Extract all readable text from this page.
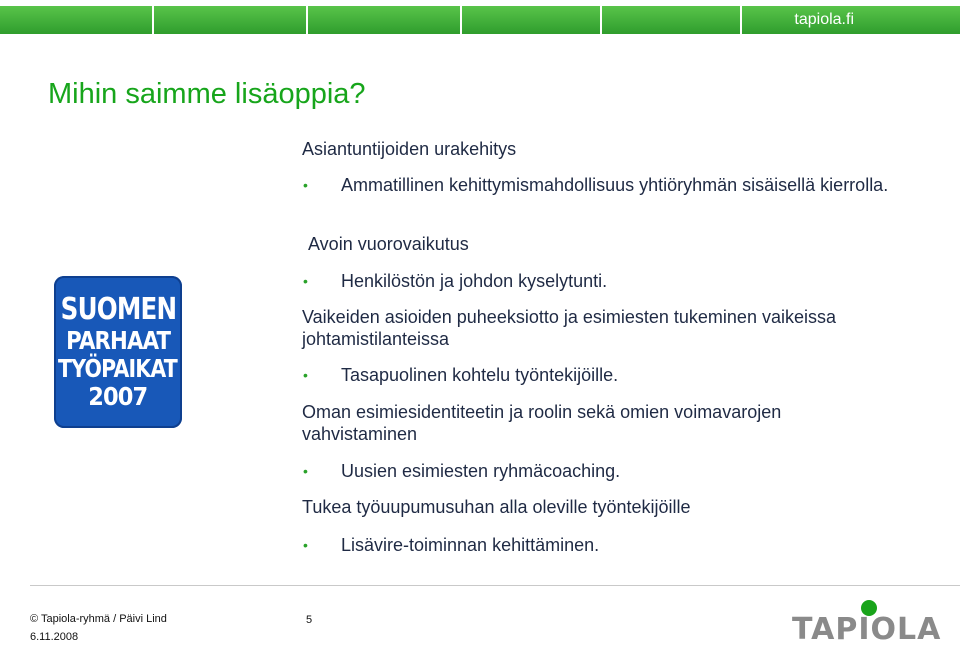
tapiola.fi
Mihin saimme lisäoppia?
SUOMEN
PARHAAT
TYÖPAIKAT
2007
Asiantuntijoiden urakehitys
• Ammatillinen kehittymismahdollisuus yhtiöryhmän sisäisellä kierrolla.
Avoin vuorovaikutus
• Henkilöstön ja johdon kyselytunti.
Vaikeiden asioiden puheeksiotto ja esimiesten tukeminen vaikeissa johtamistilanteissa
• Tasapuolinen kohtelu työntekijöille.
Oman esimiesidentiteetin ja roolin sekä omien voimavarojen vahvistaminen
• Uusien esimiesten ryhmäcoaching.
Tukea työuupumusuhan alla oleville työntekijöille
• Lisävire-toiminnan kehittäminen.
© Tapiola-ryhmä / Päivi Lind	5
6.11.2008	TAPIOLA
